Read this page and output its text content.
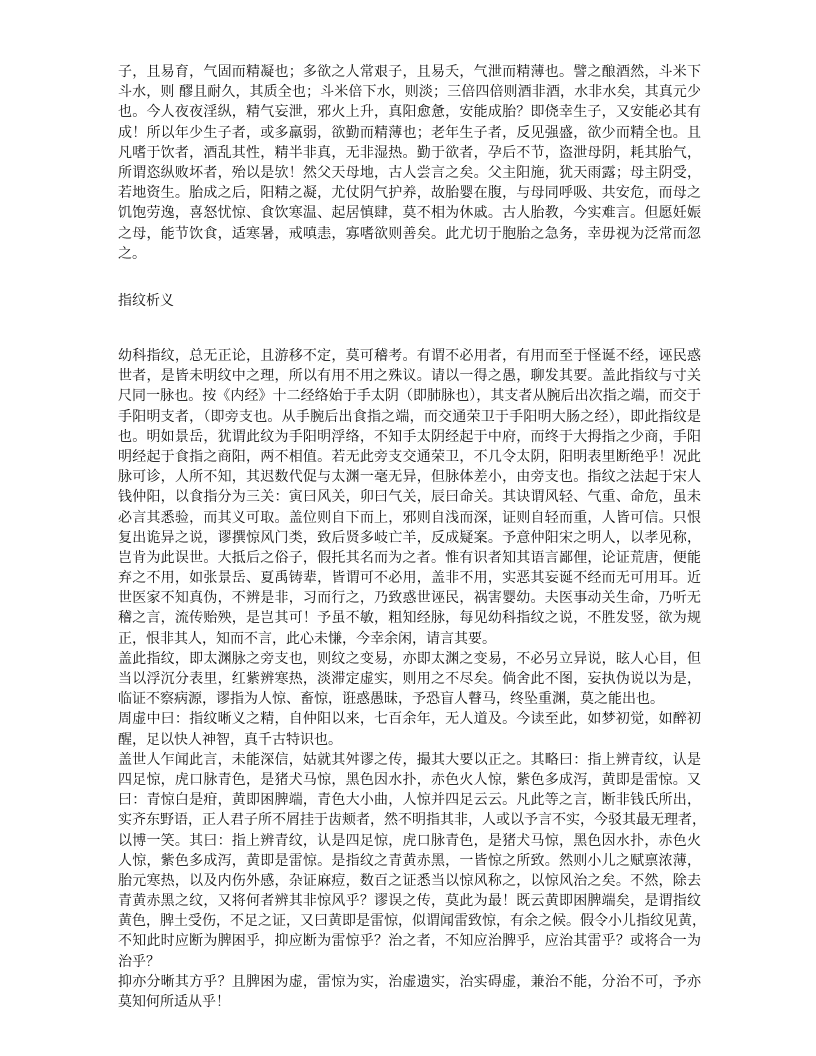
子，且易育，气固而精凝也；多欲之人常艰子，且易夭，气泄而精薄也。譬之酿酒然，斗米下
斗水，则 醪且耐久，其质全也；斗米倍下水，则淡；三倍四倍则酒非酒，水非水矣，其真元少
也。今人夜夜淫纵，精气妄泄，邪火上升，真阳愈惫，安能成胎？即侥幸生子，又安能必其有
成！所以年少生子者，或多羸弱，欲勤而精薄也；老年生子者，反见强盛，欲少而精全也。且
凡嗜于饮者，酒乱其性，精半非真，无非湿热。勤于欲者，孕后不节，盗泄母阴，耗其胎气，
所谓恣纵败坏者，殆以是欤！然父天母地，古人尝言之矣。父主阳施，犹天雨露；母主阴受，
若地资生。胎成之后，阳精之凝，尤仗阴气护养，故胎婴在腹，与母同呼吸、共安危，而母之
饥饱劳逸，喜怒忧惊、食饮寒温、起居慎肆，莫不相为休戚。古人胎教，今实难言。但愿妊娠
之母，能节饮食，适寒暑，戒嗔恚，寡嗜欲则善矣。此尤切于胞胎之急务，幸毋视为泛常而忽
之。
指纹析义
幼科指纹，总无正论，且游移不定，莫可稽考。有谓不必用者，有用而至于怪诞不经，诬民惑
世者，是皆未明纹中之理，所以有用不用之殊议。请以一得之愚，聊发其要。盖此指纹与寸关
尺同一脉也。按《内经》十二经络始于手太阴（即肺脉也），其支者从腕后出次指之端，而交于
手阳明支者，（即旁支也。从手腕后出食指之端，而交通荣卫于手阳明大肠之经），即此指纹是
也。明如景岳，犹谓此纹为手阳明浮络，不知手太阴经起于中府，而终于大拇指之少商，手阳
明经起于食指之商阳，两不相值。若无此旁支交通荣卫，不几令太阴，阳明表里断绝乎！况此
脉可诊，人所不知，其迟数代促与太渊一毫无异，但脉体差小，由旁支也。指纹之法起于宋人
钱仲阳，以食指分为三关：寅曰风关，卯曰气关，辰曰命关。其诀谓风轻、气重、命危，虽未
必言其悉验，而其义可取。盖位则自下而上，邪则自浅而深，证则自轻而重，人皆可信。只恨
复出诡异之说，谬撰惊风门类，致后贤多岐亡羊，反成疑案。予意仲阳宋之明人，以孝见称，
岂肯为此误世。大抵后之俗子，假托其名而为之者。惟有识者知其语言鄙俚，论证荒唐，便能
弃之不用，如张景岳、夏禹铸辈，皆谓可不必用，盖非不用，实恶其妄诞不经而无可用耳。近
世医家不知真伪，不辨是非，习而行之，乃致惑世诬民，祸害婴幼。夫医事动关生命，乃听无
稽之言，流传贻殃，是岂其可！予虽不敏，粗知经脉，每见幼科指纹之说，不胜发竖，欲为规
正，恨非其人，知而不言，此心未慊，今幸余闲，请言其要。
盖此指纹，即太渊脉之旁支也，则纹之变易，亦即太渊之变易，不必另立异说，眩人心目，但
当以浮沉分表里，红紫辨寒热，淡滞定虚实，则用之不尽矣。倘舍此不图，妄执伪说以为是，
临证不察病源，谬指为人惊、畜惊，诳惑愚昧，予恐盲人瞽马，终坠重渊，莫之能出也。
周虚中曰：指纹晰义之精，自仲阳以来，七百余年，无人道及。今读至此，如梦初觉，如醉初
醒，足以快人神智，真千古特识也。
盖世人乍闻此言，未能深信，姑就其舛谬之传，撮其大要以正之。其略曰：指上辨青纹，认是
四足惊，虎口脉青色，是猪犬马惊，黑色因水扑，赤色火人惊，紫色多成泻，黄即是雷惊。又
曰：青惊白是疳，黄即困脾端，青色大小曲，人惊并四足云云。凡此等之言，断非钱氏所出，
实齐东野语，正人君子所不屑挂于齿颊者，然不明指其非，人或以予言不实，今驳其最无理者，
以博一笑。其曰：指上辨青纹，认是四足惊，虎口脉青色，是猪犬马惊，黑色因水扑，赤色火
人惊，紫色多成泻，黄即是雷惊。是指纹之青黄赤黑，一皆惊之所致。然则小儿之赋禀浓薄，
胎元寒热，以及内伤外感，杂证麻痘，数百之证悉当以惊风称之，以惊风治之矣。不然，除去
青黄赤黑之纹，又将何者辨其非惊风乎？谬误之传，莫此为最！既云黄即困脾端矣，是谓指纹
黄色，脾土受伤，不足之证，又曰黄即是雷惊，似谓闻雷致惊，有余之候。假令小儿指纹见黄，
不知此时应断为脾困乎，抑应断为雷惊乎？治之者，不知应治脾乎，应治其雷乎？或将合一为
治乎？
抑亦分晰其方乎？且脾困为虚，雷惊为实，治虚遗实，治实碍虚，兼治不能，分治不可，予亦
莫知何所适从乎！
